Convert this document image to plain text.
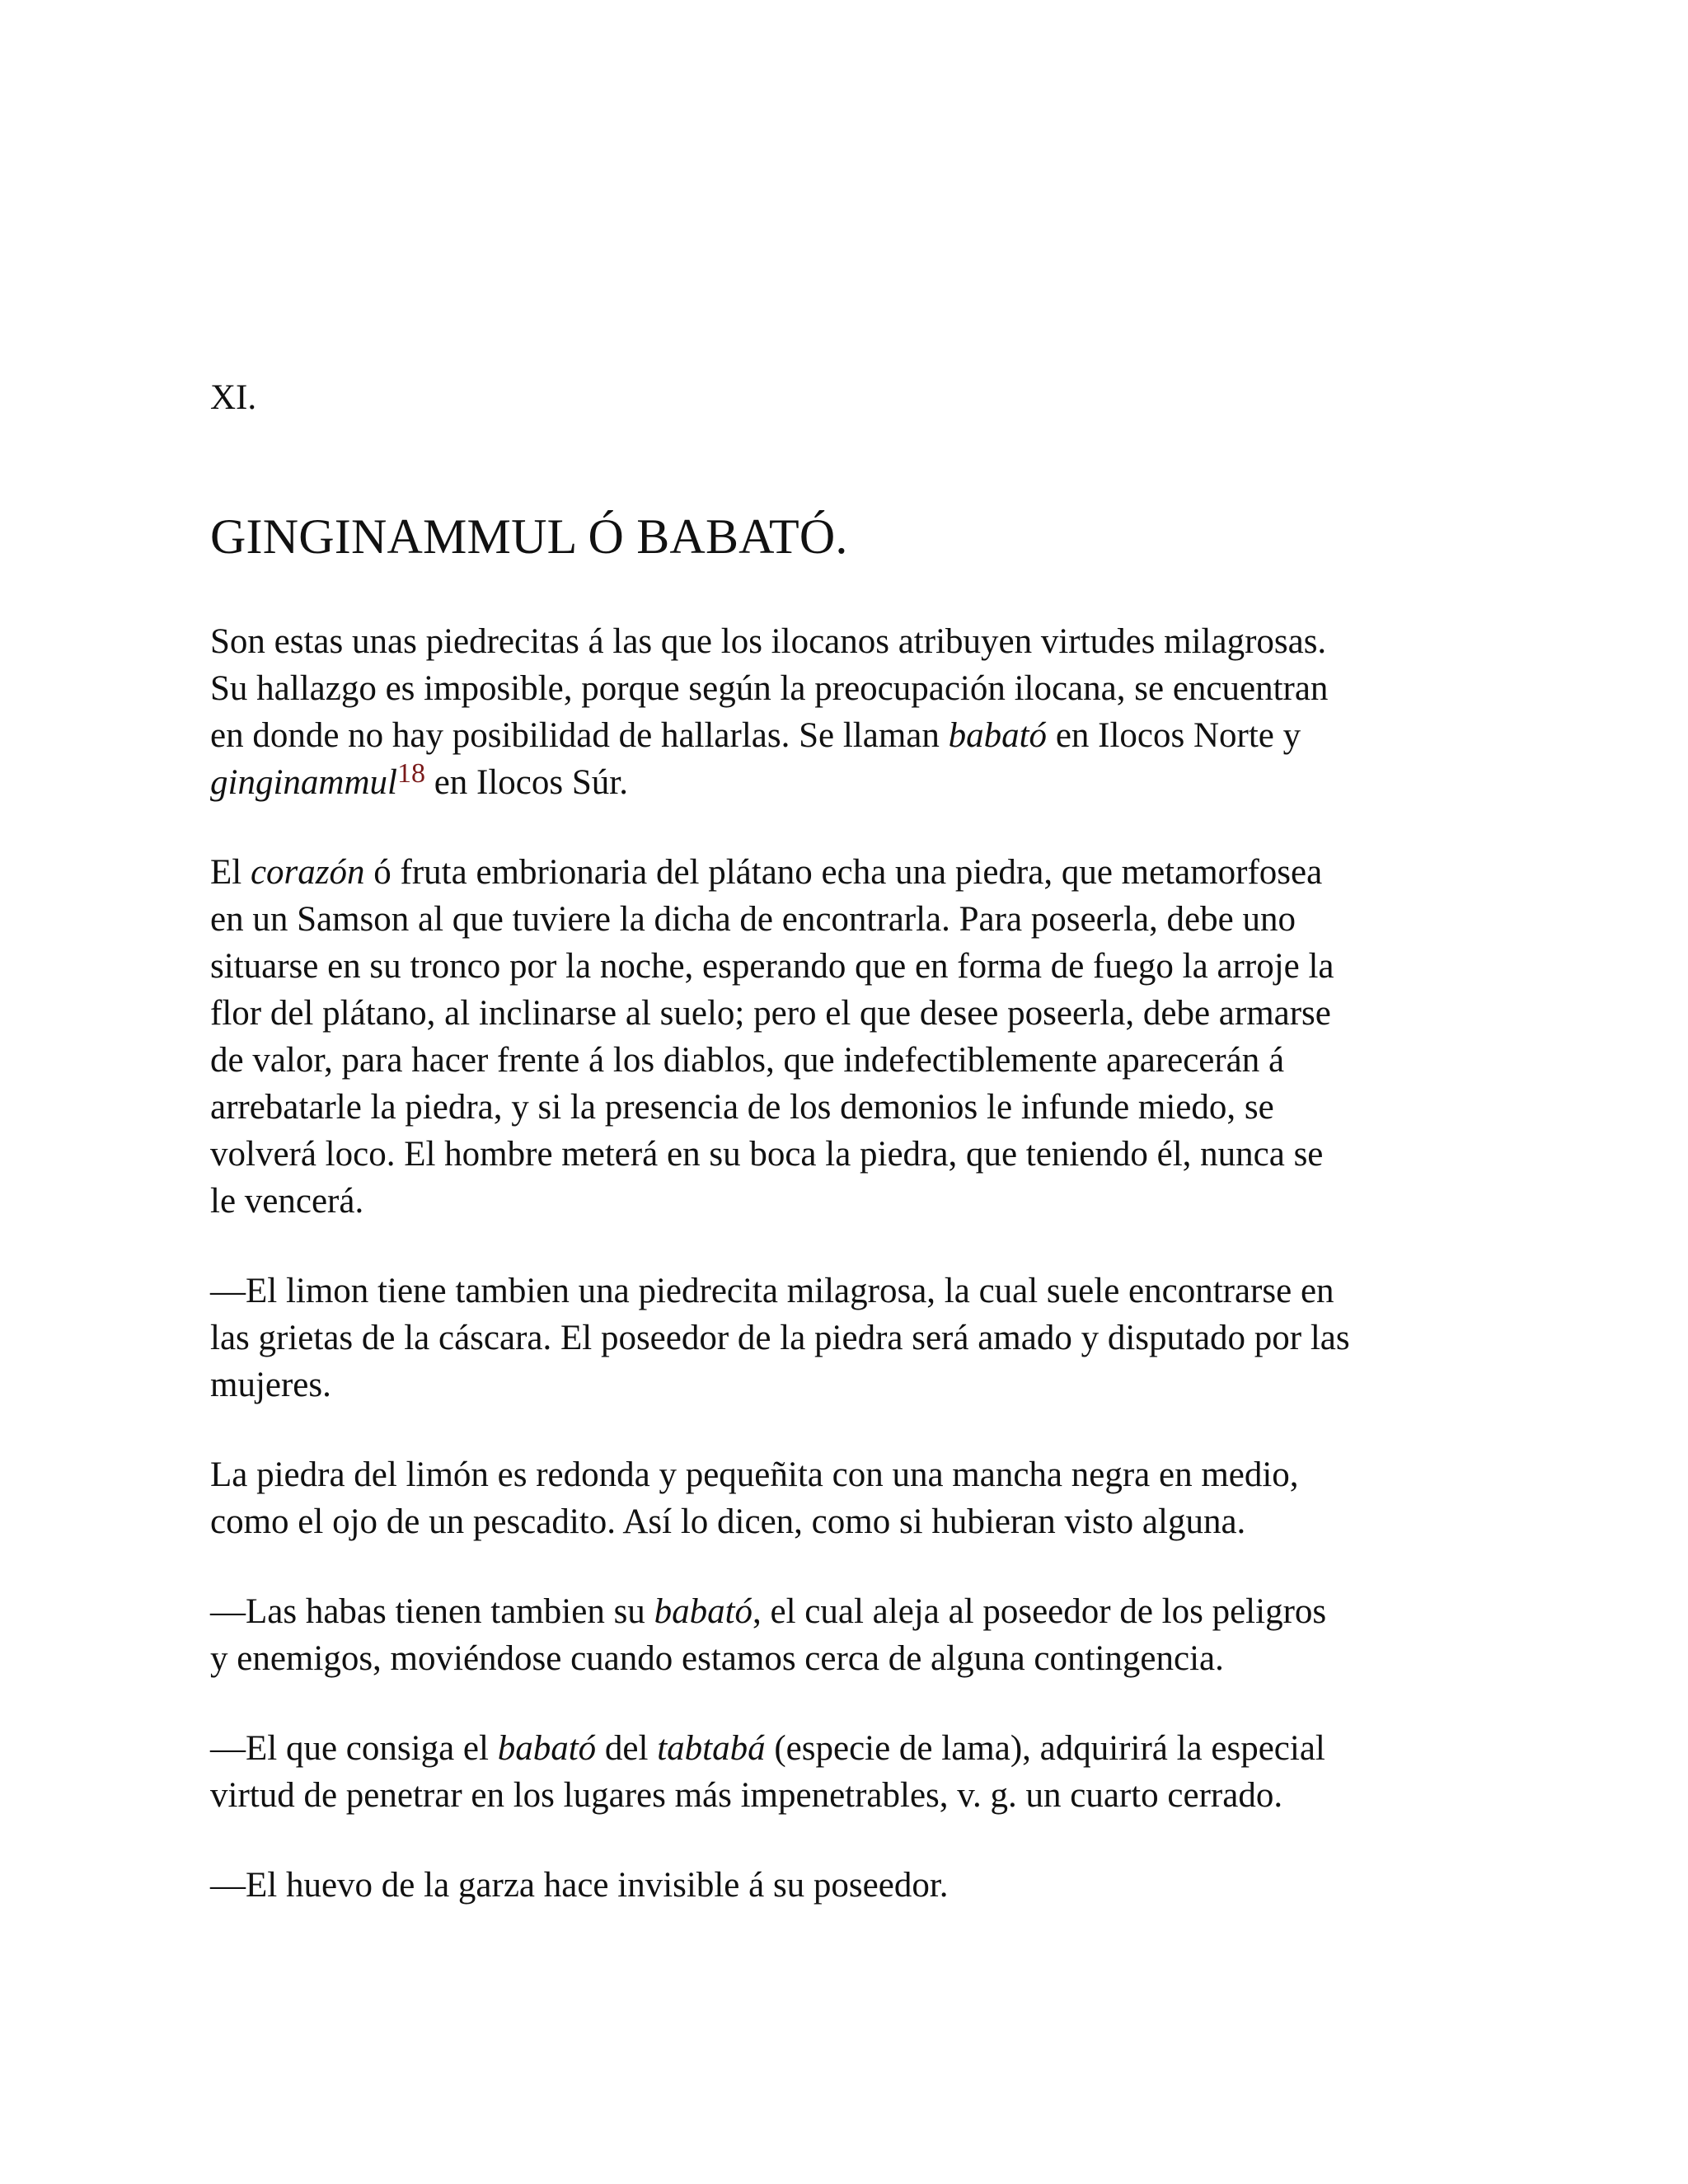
XI.

GINGINAMMUL Ó BABATÓ.

Son estas unas piedrecitas á las que los ilocanos atribuyen virtudes milagrosas.
Su hallazgo es imposible, porque según la preocupación ilocana, se encuentran
en donde no hay posibilidad de hallarlas. Se llaman babató en Ilocos Norte y
ginginammul$^{18}$ en Ilocos Súr.

El corazón ó fruta embrionaria del plátano echa una piedra, que metamorfosea
en un Samson al que tuviere la dicha de encontrarla. Para poseerla, debe uno
situarse en su tronco por la noche, esperando que en forma de fuego la arroje la
flor del plátano, al inclinarse al suelo; pero el que desee poseerla, debe armarse
de valor, para hacer frente á los diablos, que indefectiblemente aparecerán á
arrebatarle la piedra, y si la presencia de los demonios le infunde miedo, se
volverá loco. El hombre meterá en su boca la piedra, que teniendo él, nunca se
le vencerá.

—El limon tiene tambien una piedrecita milagrosa, la cual suele encontrarse en
las grietas de la cáscara. El poseedor de la piedra será amado y disputado por las
mujeres.

La piedra del limón es redonda y pequeñita con una mancha negra en medio,
como el ojo de un pescadito. Así lo dicen, como si hubieran visto alguna.

—Las habas tienen tambien su babató, el cual aleja al poseedor de los peligros
y enemigos, moviéndose cuando estamos cerca de alguna contingencia.

—El que consiga el babató del tabtabá (especie de lama), adquirirá la especial
virtud de penetrar en los lugares más impenetrables, v. g. un cuarto cerrado.

—El huevo de la garza hace invisible á su poseedor.
